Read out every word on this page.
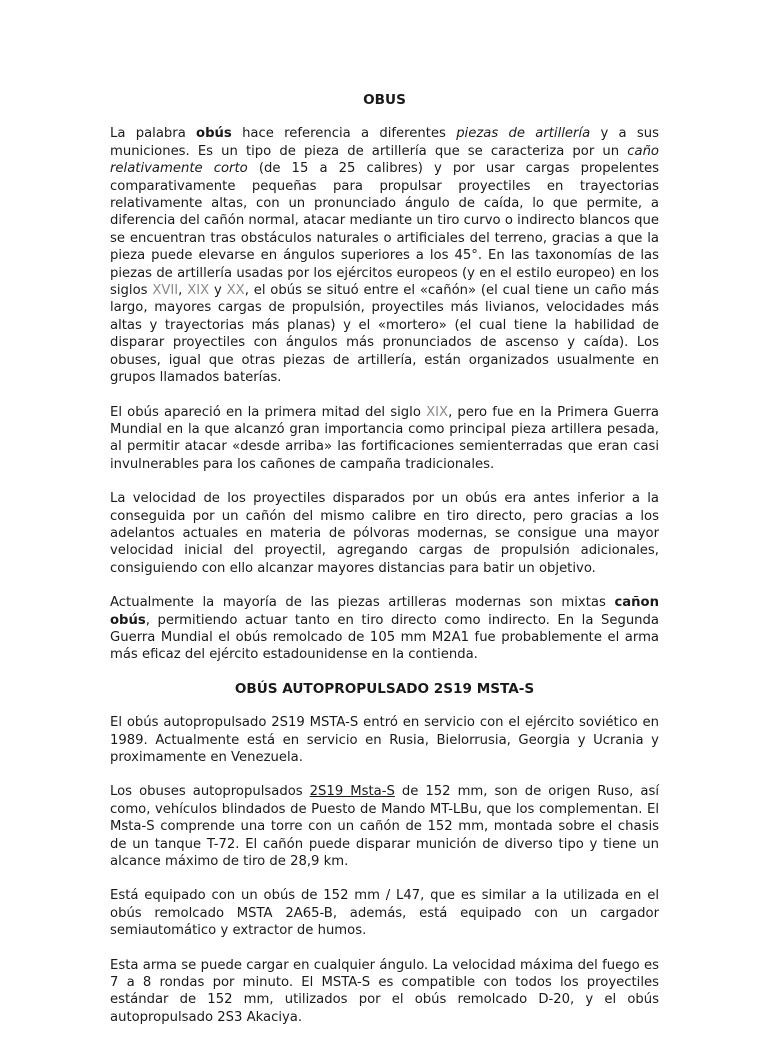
OBUS

La palabra obús hace referencia a diferentes piezas de artillería y a sus municiones. Es un tipo de pieza de artillería que se caracteriza por un caño relativamente corto (de 15 a 25 calibres) y por usar cargas propelentes comparativamente pequeñas para propulsar proyectiles en trayectorias relativamente altas, con un pronunciado ángulo de caída, lo que permite, a diferencia del cañón normal, atacar mediante un tiro curvo o indirecto blancos que se encuentran tras obstáculos naturales o artificiales del terreno, gracias a que la pieza puede elevarse en ángulos superiores a los 45°. En las taxonomías de las piezas de artillería usadas por los ejércitos europeos (y en el estilo europeo) en los siglos XVII, XIX y XX, el obús se situó entre el «cañón» (el cual tiene un caño más largo, mayores cargas de propulsión, proyectiles más livianos, velocidades más altas y trayectorias más planas) y el «mortero» (el cual tiene la habilidad de disparar proyectiles con ángulos más pronunciados de ascenso y caída). Los obuses, igual que otras piezas de artillería, están organizados usualmente en grupos llamados baterías.

El obús apareció en la primera mitad del siglo XIX, pero fue en la Primera Guerra Mundial en la que alcanzó gran importancia como principal pieza artillera pesada, al permitir atacar «desde arriba» las fortificaciones semienterradas que eran casi invulnerables para los cañones de campaña tradicionales.

La velocidad de los proyectiles disparados por un obús era antes inferior a la conseguida por un cañón del mismo calibre en tiro directo, pero gracias a los adelantos actuales en materia de pólvoras modernas, se consigue una mayor velocidad inicial del proyectil, agregando cargas de propulsión adicionales, consiguiendo con ello alcanzar mayores distancias para batir un objetivo.

Actualmente la mayoría de las piezas artilleras modernas son mixtas cañon obús, permitiendo actuar tanto en tiro directo como indirecto. En la Segunda Guerra Mundial el obús remolcado de 105 mm M2A1 fue probablemente el arma más eficaz del ejército estadounidense en la contienda.

OBÚS AUTOPROPULSADO 2S19 MSTA-S

El obús autopropulsado 2S19 MSTA-S entró en servicio con el ejército soviético en 1989. Actualmente está en servicio en Rusia, Bielorrusia, Georgia y Ucrania y proximamente en Venezuela.

Los obuses autopropulsados 2S19 Msta-S de 152 mm, son de origen Ruso, así como, vehículos blindados de Puesto de Mando MT-LBu, que los complementan. El Msta-S comprende una torre con un cañón de 152 mm, montada sobre el chasis de un tanque T-72. El cañón puede disparar munición de diverso tipo y tiene un alcance máximo de tiro de 28,9 km.

Está equipado con un obús de 152 mm / L47, que es similar a la utilizada en el obús remolcado MSTA 2A65-B, además, está equipado con un cargador semiautomático y extractor de humos.

Esta arma se puede cargar en cualquier ángulo. La velocidad máxima del fuego es 7 a 8 rondas por minuto. El MSTA-S es compatible con todos los proyectiles estándar de 152 mm, utilizados por el obús remolcado D-20, y el obús autopropulsado 2S3 Akaciya.
